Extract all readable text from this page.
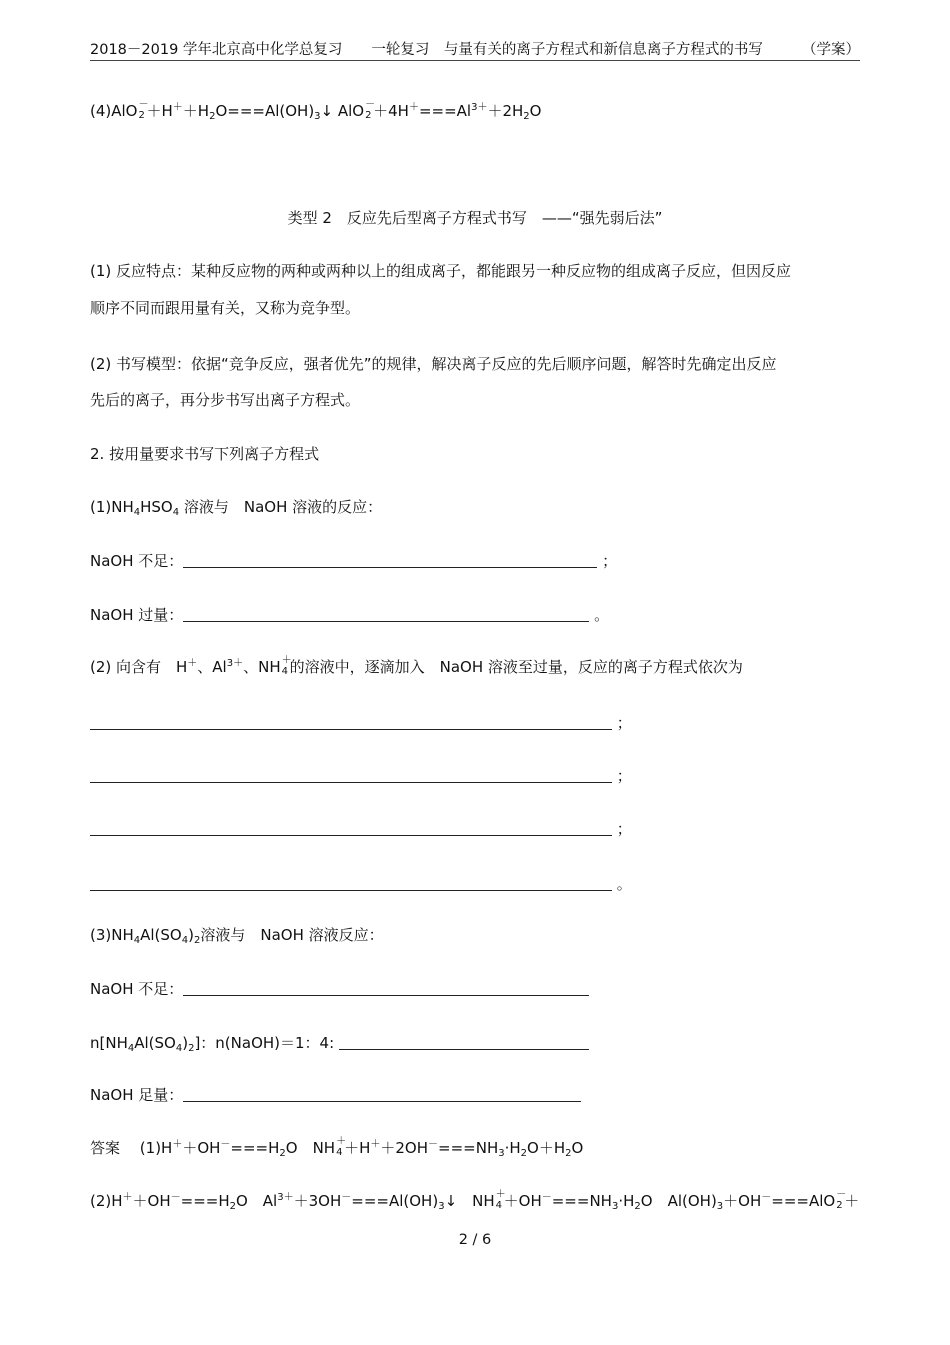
2018－2019 学年北京高中化学总复习　　一轮复习　与量有关的离子方程式和新信息离子方程式的书写	（学案）
(4)AlO －
$2 +H^++H_2O===Al(OH)_3↓$ AlO －
$2 +4H^+===Al^{3+}+2H_2O$
类型 2　反应先后型离子方程式书写　——“强先弱后法”
(1) 反应特点：某种反应物的两种或两种以上的组成离子，都能跟另一种反应物的组成离子反应，但因反应
顺序不同而跟用量有关，又称为竞争型。
(2) 书写模型：依据“竞争反应，强者优先”的规律，解决离子反应的先后顺序问题，解答时先确定出反应
先后的离子，再分步书写出离子方程式。
2. 按用量要求书写下列离子方程式
$(1)NH_4HSO_4$ 溶液与　NaOH 溶液的反应：
NaOH 不足：	；
NaOH 过量：	。
(2) 向含有　H＋、$Al^{3+}$、NH ＋
4 的溶液中，逐滴加入　NaOH 溶液至过量，反应的离子方程式依次为
；
；
；
。
$(3)NH_4Al(SO_4)_2$溶液与　NaOH 溶液反应：
NaOH 不足：
$n[NH_4Al(SO_4)_2]$：n(NaOH)＝1：4:
NaOH 足量：
答案　 $(1)H^++OH^-===H_2O$　NH ＋
$4 +H^++2OH^-===NH_3\cdot H_2O+H_2O$
$(2)H^++OH^-===H_2O$　$Al^{3+}+3OH^-===Al(OH)_3↓$　NH ＋
$4 +OH^-===NH_3\cdot H_2O$　$Al(OH)_3+OH^-===AlO$ －
2 ＋
2 / 6
